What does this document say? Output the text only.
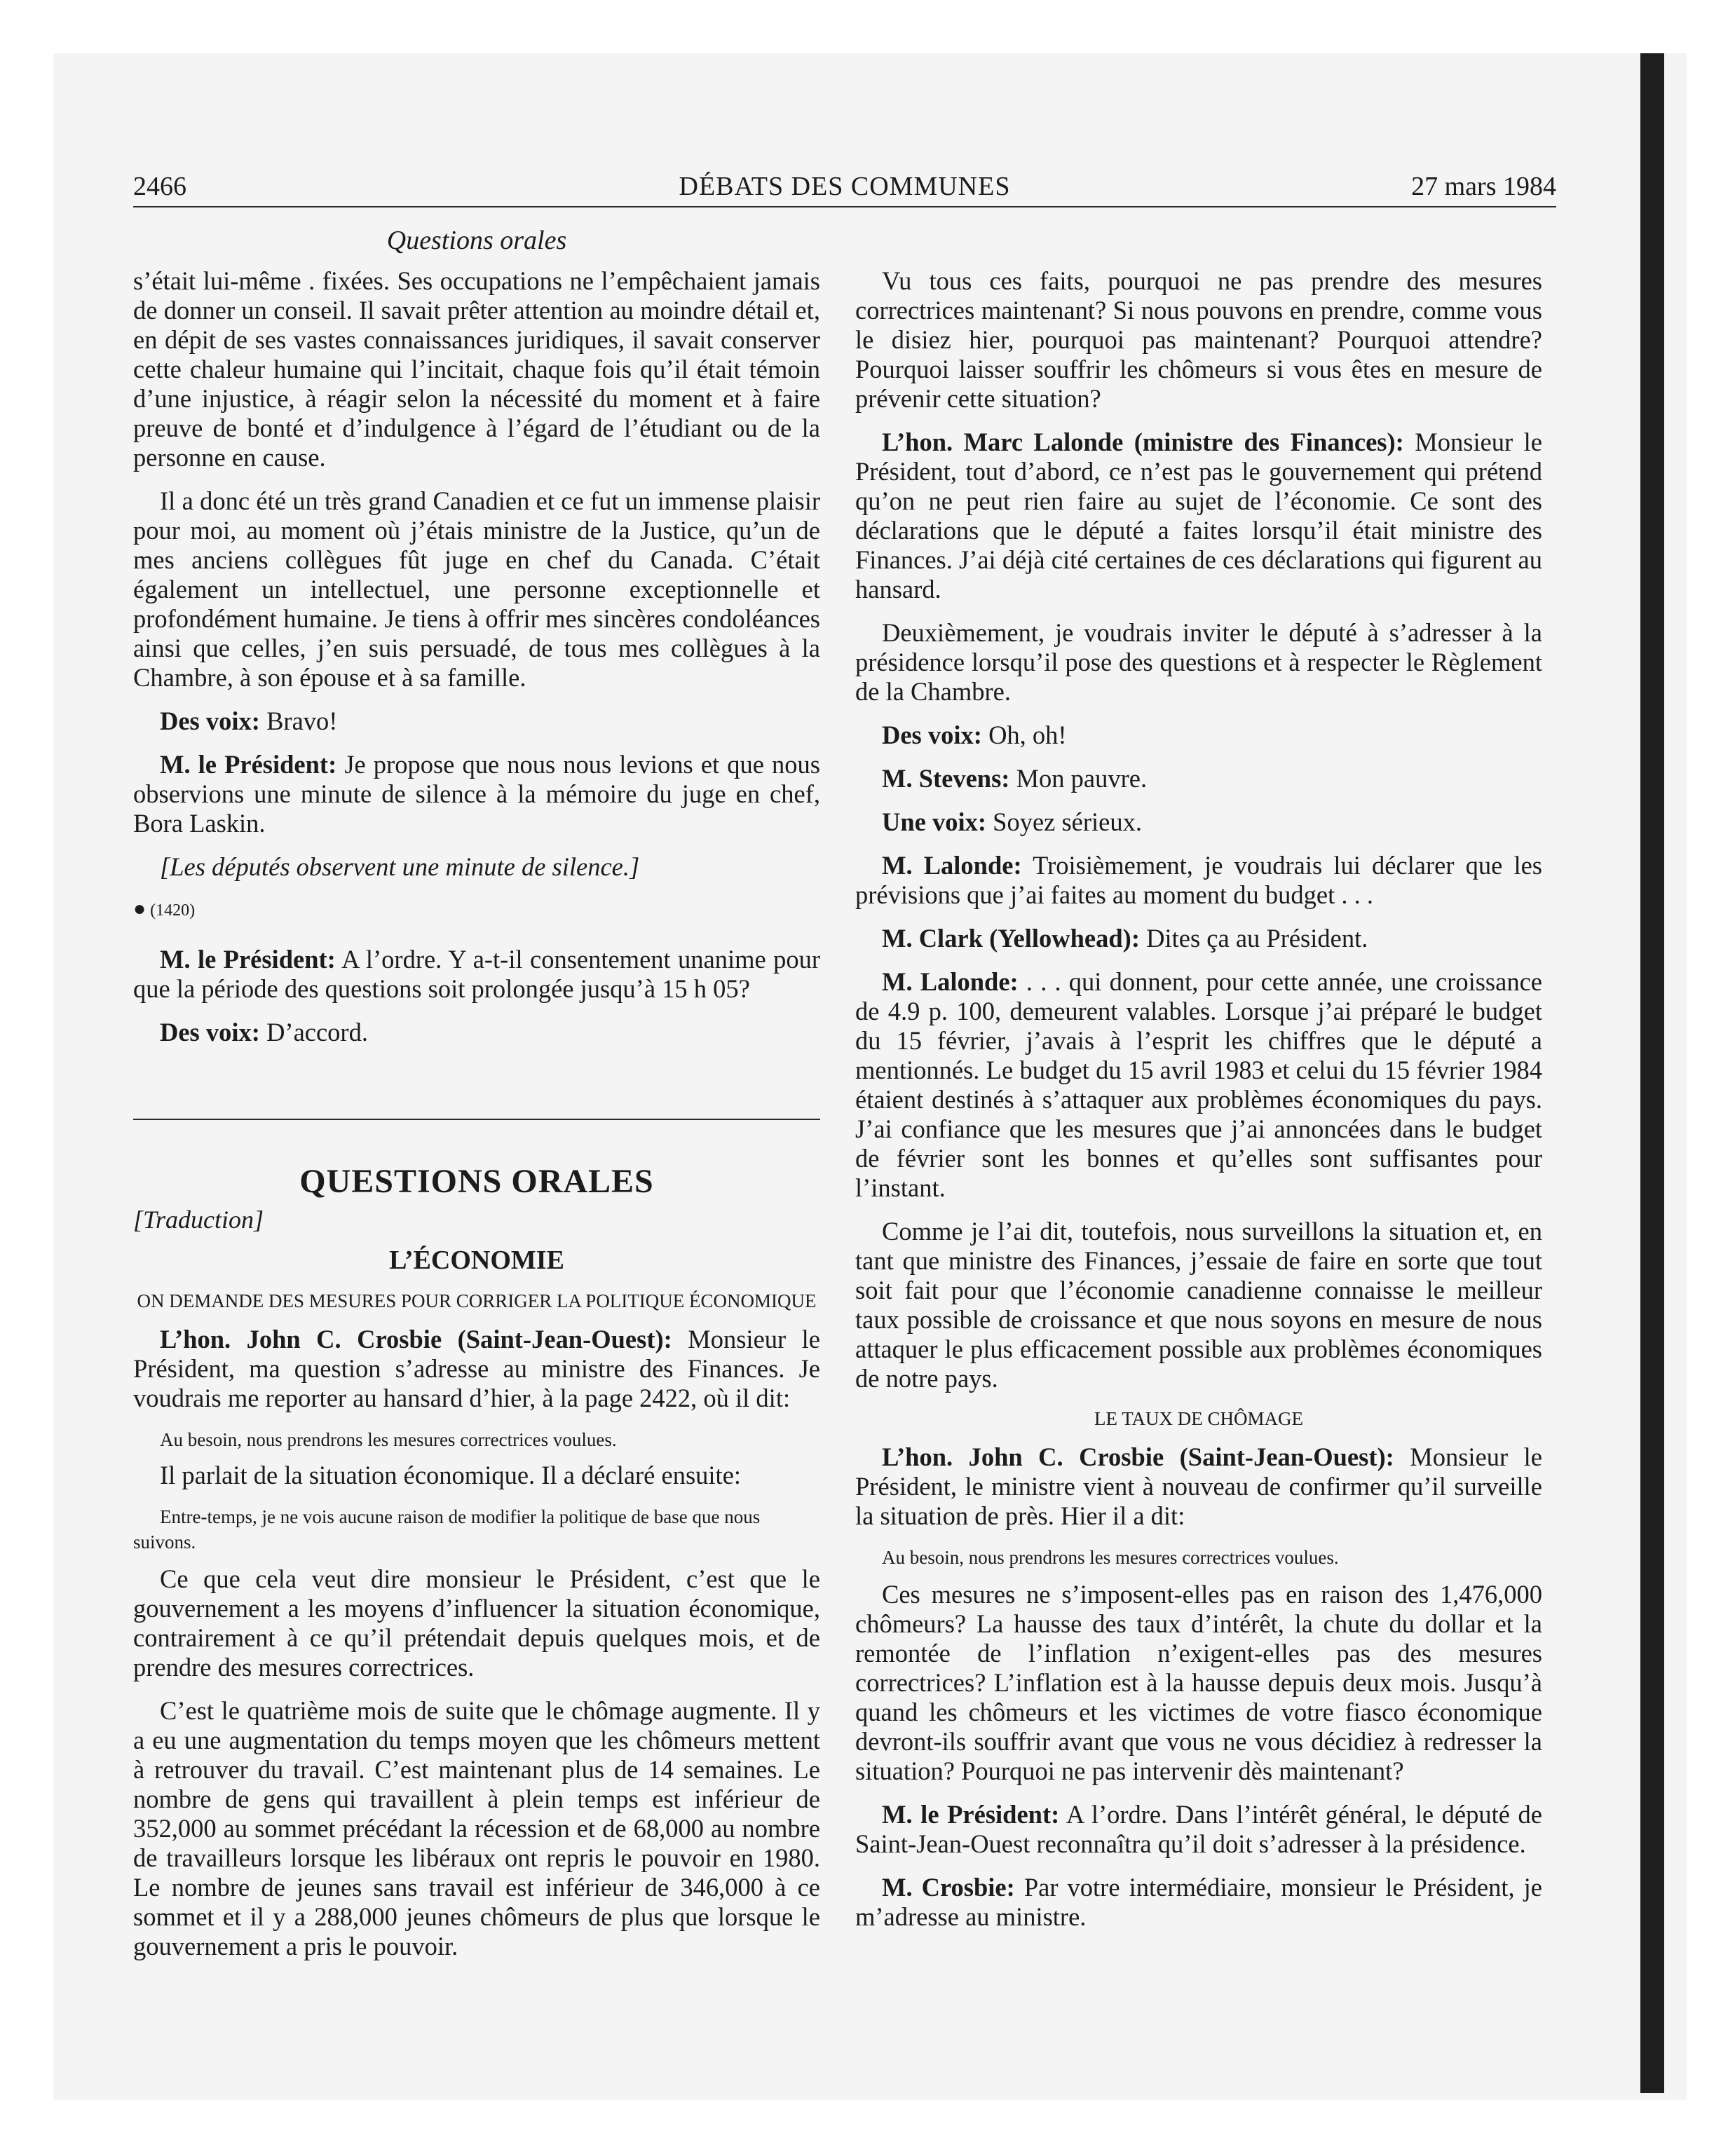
2466	DÉBATS DES COMMUNES	27 mars 1984
Questions orales

s’était lui-même . fixées. Ses occupations ne l’empêchaient jamais de donner un conseil. Il savait prêter attention au moindre détail et, en dépit de ses vastes connaissances juridiques, il savait conserver cette chaleur humaine qui l’incitait, chaque fois qu’il était témoin d’une injustice, à réagir selon la nécessité du moment et à faire preuve de bonté et d’indulgence à l’égard de l’étudiant ou de la personne en cause.

Il a donc été un très grand Canadien et ce fut un immense plaisir pour moi, au moment où j’étais ministre de la Justice, qu’un de mes anciens collègues fût juge en chef du Canada. C’était également un intellectuel, une personne exceptionnelle et profondément humaine. Je tiens à offrir mes sincères condoléances ainsi que celles, j’en suis persuadé, de tous mes collègues à la Chambre, à son épouse et à sa famille.

Des voix: Bravo!

M. le Président: Je propose que nous nous levions et que nous observions une minute de silence à la mémoire du juge en chef, Bora Laskin.

[Les députés observent une minute de silence.]

● (1420)

M. le Président: A l’ordre. Y a-t-il consentement unanime pour que la période des questions soit prolongée jusqu’à 15 h 05?

Des voix: D’accord.

QUESTIONS ORALES
[Traduction]
L’ÉCONOMIE
ON DEMANDE DES MESURES POUR CORRIGER LA POLITIQUE ÉCONOMIQUE

L’hon. John C. Crosbie (Saint-Jean-Ouest): Monsieur le Président, ma question s’adresse au ministre des Finances. Je voudrais me reporter au hansard d’hier, à la page 2422, où il dit:

Au besoin, nous prendrons les mesures correctrices voulues.

Il parlait de la situation économique. Il a déclaré ensuite:

Entre-temps, je ne vois aucune raison de modifier la politique de base que nous suivons.

Ce que cela veut dire monsieur le Président, c’est que le gouvernement a les moyens d’influencer la situation économique, contrairement à ce qu’il prétendait depuis quelques mois, et de prendre des mesures correctrices.

C’est le quatrième mois de suite que le chômage augmente. Il y a eu une augmentation du temps moyen que les chômeurs mettent à retrouver du travail. C’est maintenant plus de 14 semaines. Le nombre de gens qui travaillent à plein temps est inférieur de 352,000 au sommet précédant la récession et de 68,000 au nombre de travailleurs lorsque les libéraux ont repris le pouvoir en 1980. Le nombre de jeunes sans travail est inférieur de 346,000 à ce sommet et il y a 288,000 jeunes chômeurs de plus que lorsque le gouvernement a pris le pouvoir.

Vu tous ces faits, pourquoi ne pas prendre des mesures correctrices maintenant? Si nous pouvons en prendre, comme vous le disiez hier, pourquoi pas maintenant? Pourquoi attendre? Pourquoi laisser souffrir les chômeurs si vous êtes en mesure de prévenir cette situation?

L’hon. Marc Lalonde (ministre des Finances): Monsieur le Président, tout d’abord, ce n’est pas le gouvernement qui prétend qu’on ne peut rien faire au sujet de l’économie. Ce sont des déclarations que le député a faites lorsqu’il était ministre des Finances. J’ai déjà cité certaines de ces déclarations qui figurent au hansard.

Deuxièmement, je voudrais inviter le député à s’adresser à la présidence lorsqu’il pose des questions et à respecter le Règlement de la Chambre.

Des voix: Oh, oh!

M. Stevens: Mon pauvre.

Une voix: Soyez sérieux.

M. Lalonde: Troisièmement, je voudrais lui déclarer que les prévisions que j’ai faites au moment du budget . . .

M. Clark (Yellowhead): Dites ça au Président.

M. Lalonde: . . . qui donnent, pour cette année, une croissance de 4.9 p. 100, demeurent valables. Lorsque j’ai préparé le budget du 15 février, j’avais à l’esprit les chiffres que le député a mentionnés. Le budget du 15 avril 1983 et celui du 15 février 1984 étaient destinés à s’attaquer aux problèmes économiques du pays. J’ai confiance que les mesures que j’ai annoncées dans le budget de février sont les bonnes et qu’elles sont suffisantes pour l’instant.

Comme je l’ai dit, toutefois, nous surveillons la situation et, en tant que ministre des Finances, j’essaie de faire en sorte que tout soit fait pour que l’économie canadienne connaisse le meilleur taux possible de croissance et que nous soyons en mesure de nous attaquer le plus efficacement possible aux problèmes économiques de notre pays.

LE TAUX DE CHÔMAGE

L’hon. John C. Crosbie (Saint-Jean-Ouest): Monsieur le Président, le ministre vient à nouveau de confirmer qu’il surveille la situation de près. Hier il a dit:

Au besoin, nous prendrons les mesures correctrices voulues.

Ces mesures ne s’imposent-elles pas en raison des 1,476,000 chômeurs? La hausse des taux d’intérêt, la chute du dollar et la remontée de l’inflation n’exigent-elles pas des mesures correctrices? L’inflation est à la hausse depuis deux mois. Jusqu’à quand les chômeurs et les victimes de votre fiasco économique devront-ils souffrir avant que vous ne vous décidiez à redresser la situation? Pourquoi ne pas intervenir dès maintenant?

M. le Président: A l’ordre. Dans l’intérêt général, le député de Saint-Jean-Ouest reconnaîtra qu’il doit s’adresser à la présidence.

M. Crosbie: Par votre intermédiaire, monsieur le Président, je m’adresse au ministre.
